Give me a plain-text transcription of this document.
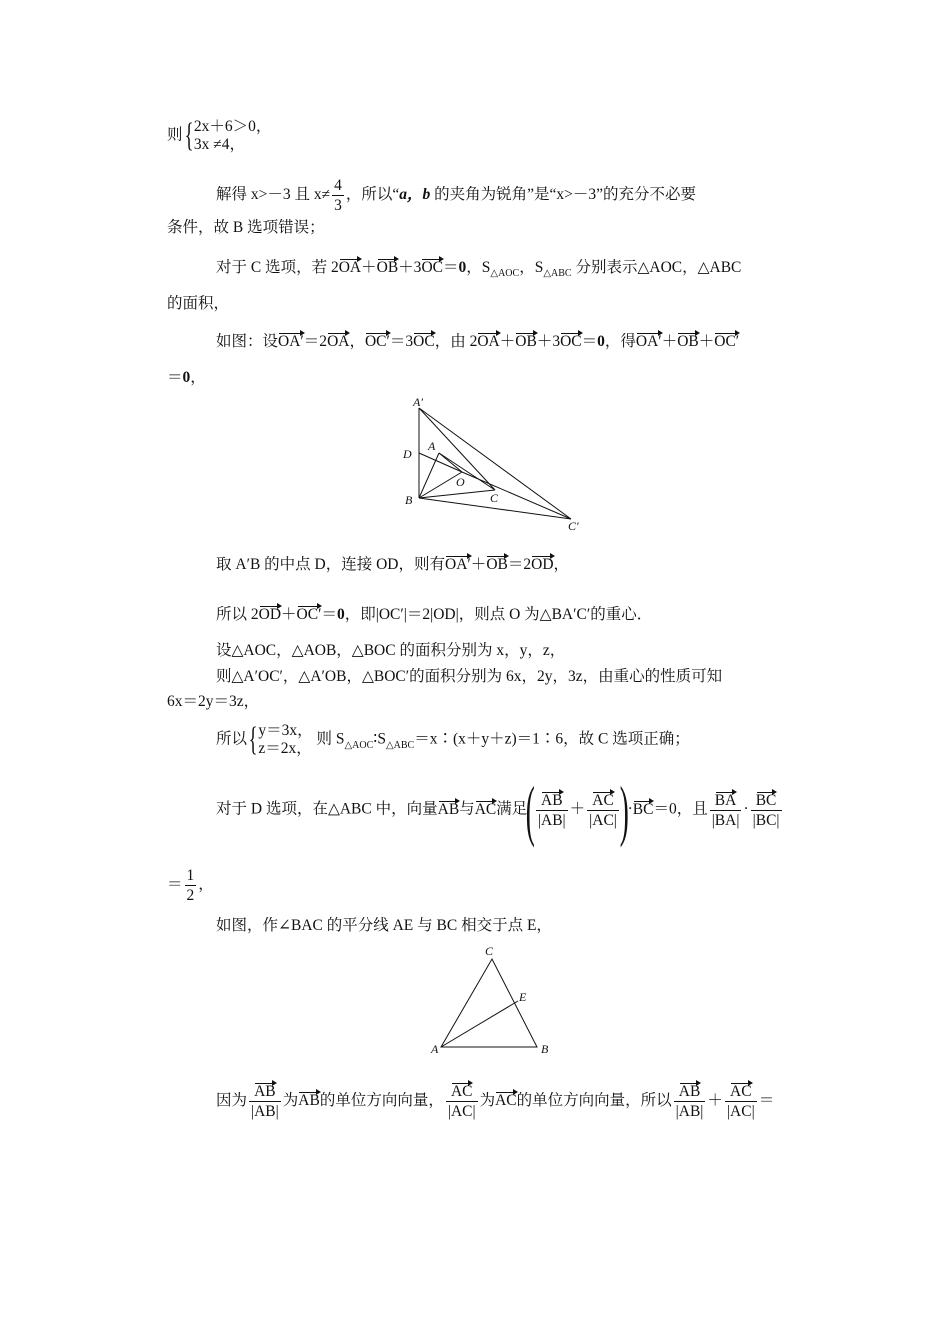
则{ 2x＋6＞0，
3x ≠4，
解得 x>－3 且 $x\ne \frac{4}{3}$ ，所以“a，b 的夹角为锐角”是“x>－3”的充分不必要
条件，故 B 选项错误；
对于 C 选项，若 2OA＋OB＋3OC＝0，$S_{\triangle AOC}$，$S_{\triangle ABC}$ 分别表示△AOC，△ABC
的面积，
如图：设OA′＝2OA，OC′＝3OC，由 2OA＋OB＋3OC＝0，得OA′＋OB＋OC′
＝0，
A′
A
D
O
B	C
C′
取 A′B 的中点 D，连接 OD，则有OA′＋OB＝2OD，
所以 2OD＋OC′＝0，即|OC′|＝2|OD|，则点 O 为△BA′C′的重心．
设△AOC，△AOB，△BOC 的面积分别为 x，y，z，
则△A′OC′，△A′OB，△BOC′的面积分别为 6x，2y，3z，由重心的性质可知
6x＝2y＝3z，
所以{ y＝3x，
z＝2x，
则 $S_{\triangle AOC}∶S_{\triangle ABC}=x∶(x+y+z)=1∶6$，故 C 选项正确；
对于 D 选项，在△ABC 中，向量AB与AC满足( $\frac{AB}{|AB|} + \frac{AC}{|AC|} )\cdot BC=0$，且 $\frac{BA}{|BA|} \cdot \frac{BC}{|BC|}$
＝ $\frac{1}{2}$ ，
如图，作∠BAC 的平分线 AE 与 BC 相交于点 E，
C
E
A	B
因为 $\frac{AB}{|AB|}$ 为AB的单位方向向量， $\frac{AC}{|AC|}$ 为AC的单位方向向量，所以 $\frac{AB}{|AB|} + \frac{AC}{|AC|}$ ＝
